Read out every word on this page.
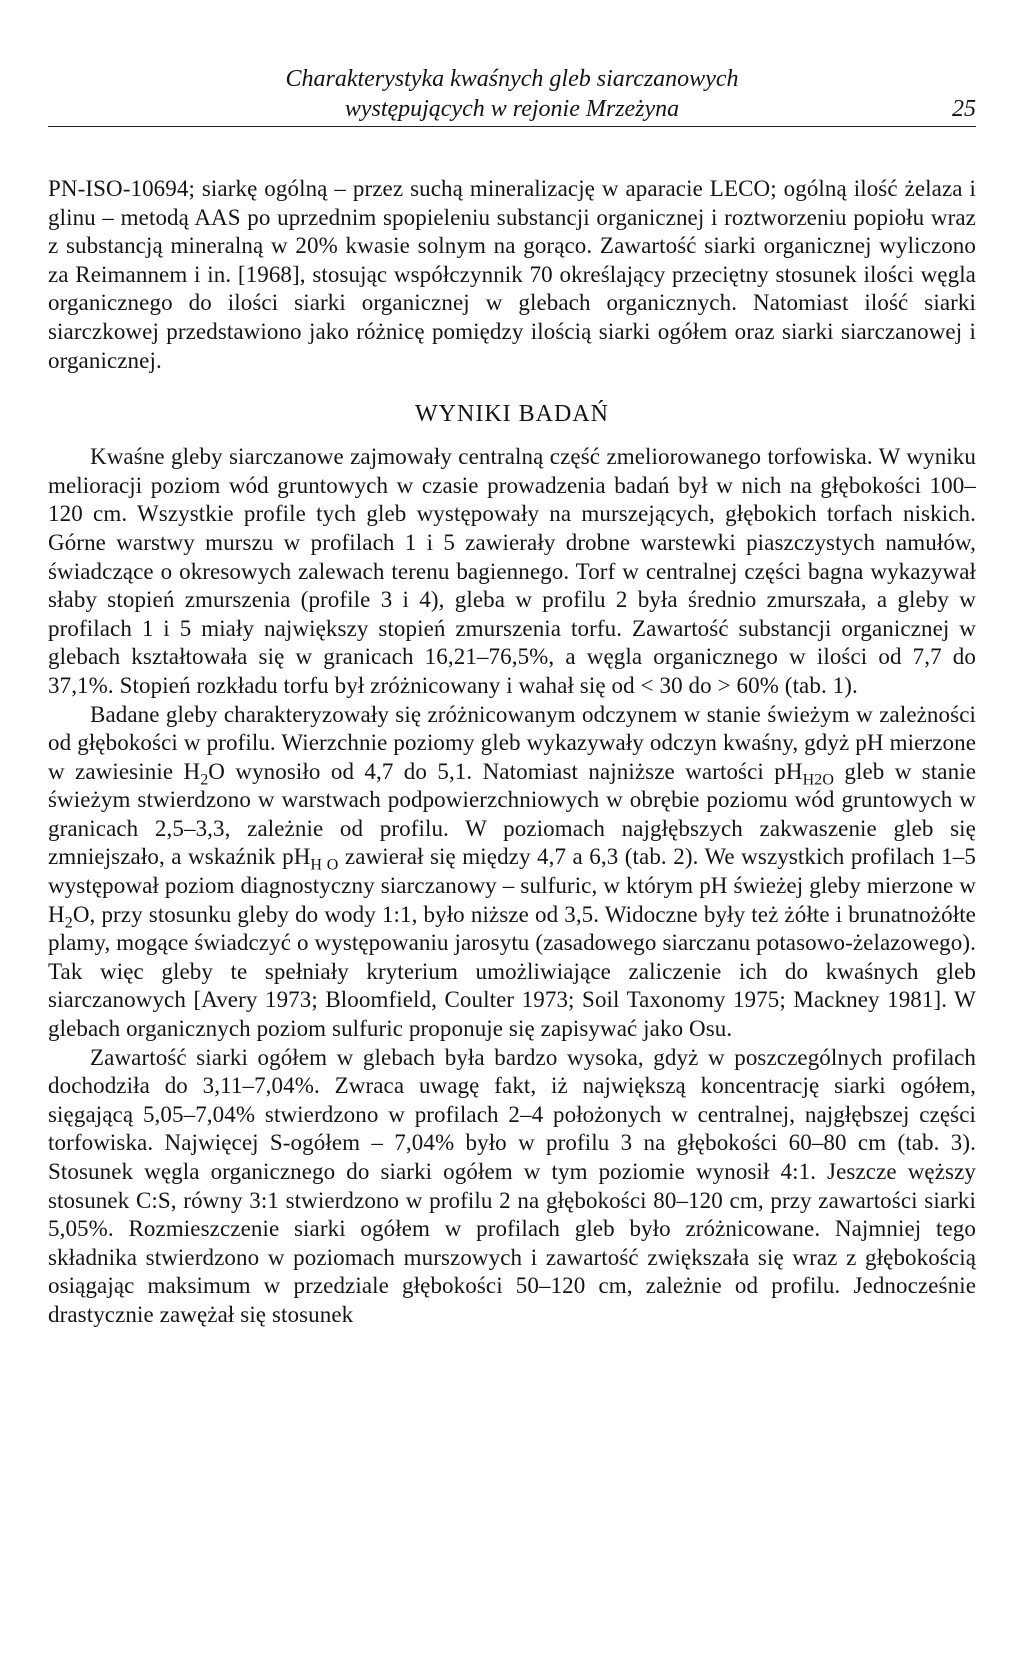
Charakterystyka kwaśnych gleb siarczanowych
występujących w rejonie Mrzeżyna	25

PN-ISO-10694; siarkę ogólną – przez suchą mineralizację w aparacie LECO; ogólną ilość żelaza i glinu – metodą AAS po uprzednim spopieleniu substancji organicznej i roztworzeniu popiołu wraz z substancją mineralną w 20% kwasie solnym na gorąco. Zawartość siarki organicznej wyliczono za Reimannem i in. [1968], stosując współczynnik 70 określający przeciętny stosunek ilości węgla organicznego do ilości siarki organicznej w glebach organicznych. Natomiast ilość siarki siarczkowej przedstawiono jako różnicę pomiędzy ilością siarki ogółem oraz siarki siarczanowej i organicznej.

WYNIKI BADAŃ

Kwaśne gleby siarczanowe zajmowały centralną część zmeliorowanego torfowiska. W wyniku melioracji poziom wód gruntowych w czasie prowadzenia badań był w nich na głębokości 100–120 cm. Wszystkie profile tych gleb występowały na murszejących, głębokich torfach niskich. Górne warstwy murszu w profilach 1 i 5 zawierały drobne warstewki piaszczystych namułów, świadczące o okresowych zalewach terenu bagiennego. Torf w centralnej części bagna wykazywał słaby stopień zmurszenia (profile 3 i 4), gleba w profilu 2 była średnio zmurszała, a gleby w profilach 1 i 5 miały największy stopień zmurszenia torfu. Zawartość substancji organicznej w glebach kształtowała się w granicach 16,21–76,5%, a węgla organicznego w ilości od 7,7 do 37,1%. Stopień rozkładu torfu był zróżnicowany i wahał się od < 30 do > 60% (tab. 1).

Badane gleby charakteryzowały się zróżnicowanym odczynem w stanie świeżym w zależności od głębokości w profilu. Wierzchnie poziomy gleb wykazywały odczyn kwaśny, gdyż pH mierzone w zawiesinie $H_2O$ wynosiło od 4,7 do 5,1. Natomiast najniższe wartości $pH_{H2O}$ gleb w stanie świeżym stwierdzono w warstwach podpowierzchniowych w obrębie poziomu wód gruntowych w granicach 2,5–3,3, zależnie od profilu. W poziomach najgłębszych zakwaszenie gleb się zmniejszało, a wskaźnik $pH_{H O}$ zawierał się między 4,7 a 6,3 (tab. 2). We wszystkich profilach 1–5 występował poziom diagnostyczny siarczanowy – sulfuric, w którym pH świeżej gleby mierzone w $H_2O$, przy stosunku gleby do wody 1:1, było niższe od 3,5. Widoczne były też żółte i brunatnożółte plamy, mogące świadczyć o występowaniu jarosytu (zasadowego siarczanu potasowo-żelazowego). Tak więc gleby te spełniały kryterium umożliwiające zaliczenie ich do kwaśnych gleb siarczanowych [Avery 1973; Bloomfield, Coulter 1973; Soil Taxonomy 1975; Mackney 1981]. W glebach organicznych poziom sulfuric proponuje się zapisywać jako Osu.

Zawartość siarki ogółem w glebach była bardzo wysoka, gdyż w poszczególnych profilach dochodziła do 3,11–7,04%. Zwraca uwagę fakt, iż największą koncentrację siarki ogółem, sięgającą 5,05–7,04% stwierdzono w profilach 2–4 położonych w centralnej, najgłębszej części torfowiska. Najwięcej S-ogółem – 7,04% było w profilu 3 na głębokości 60–80 cm (tab. 3). Stosunek węgla organicznego do siarki ogółem w tym poziomie wynosił 4:1. Jeszcze węższy stosunek C:S, równy 3:1 stwierdzono w profilu 2 na głębokości 80–120 cm, przy zawartości siarki 5,05%. Rozmieszczenie siarki ogółem w profilach gleb było zróżnicowane. Najmniej tego składnika stwierdzono w poziomach murszowych i zawartość zwiększała się wraz z głębokością osiągając maksimum w przedziale głębokości 50–120 cm, zależnie od profilu. Jednocześnie drastycznie zawężał się stosunek
